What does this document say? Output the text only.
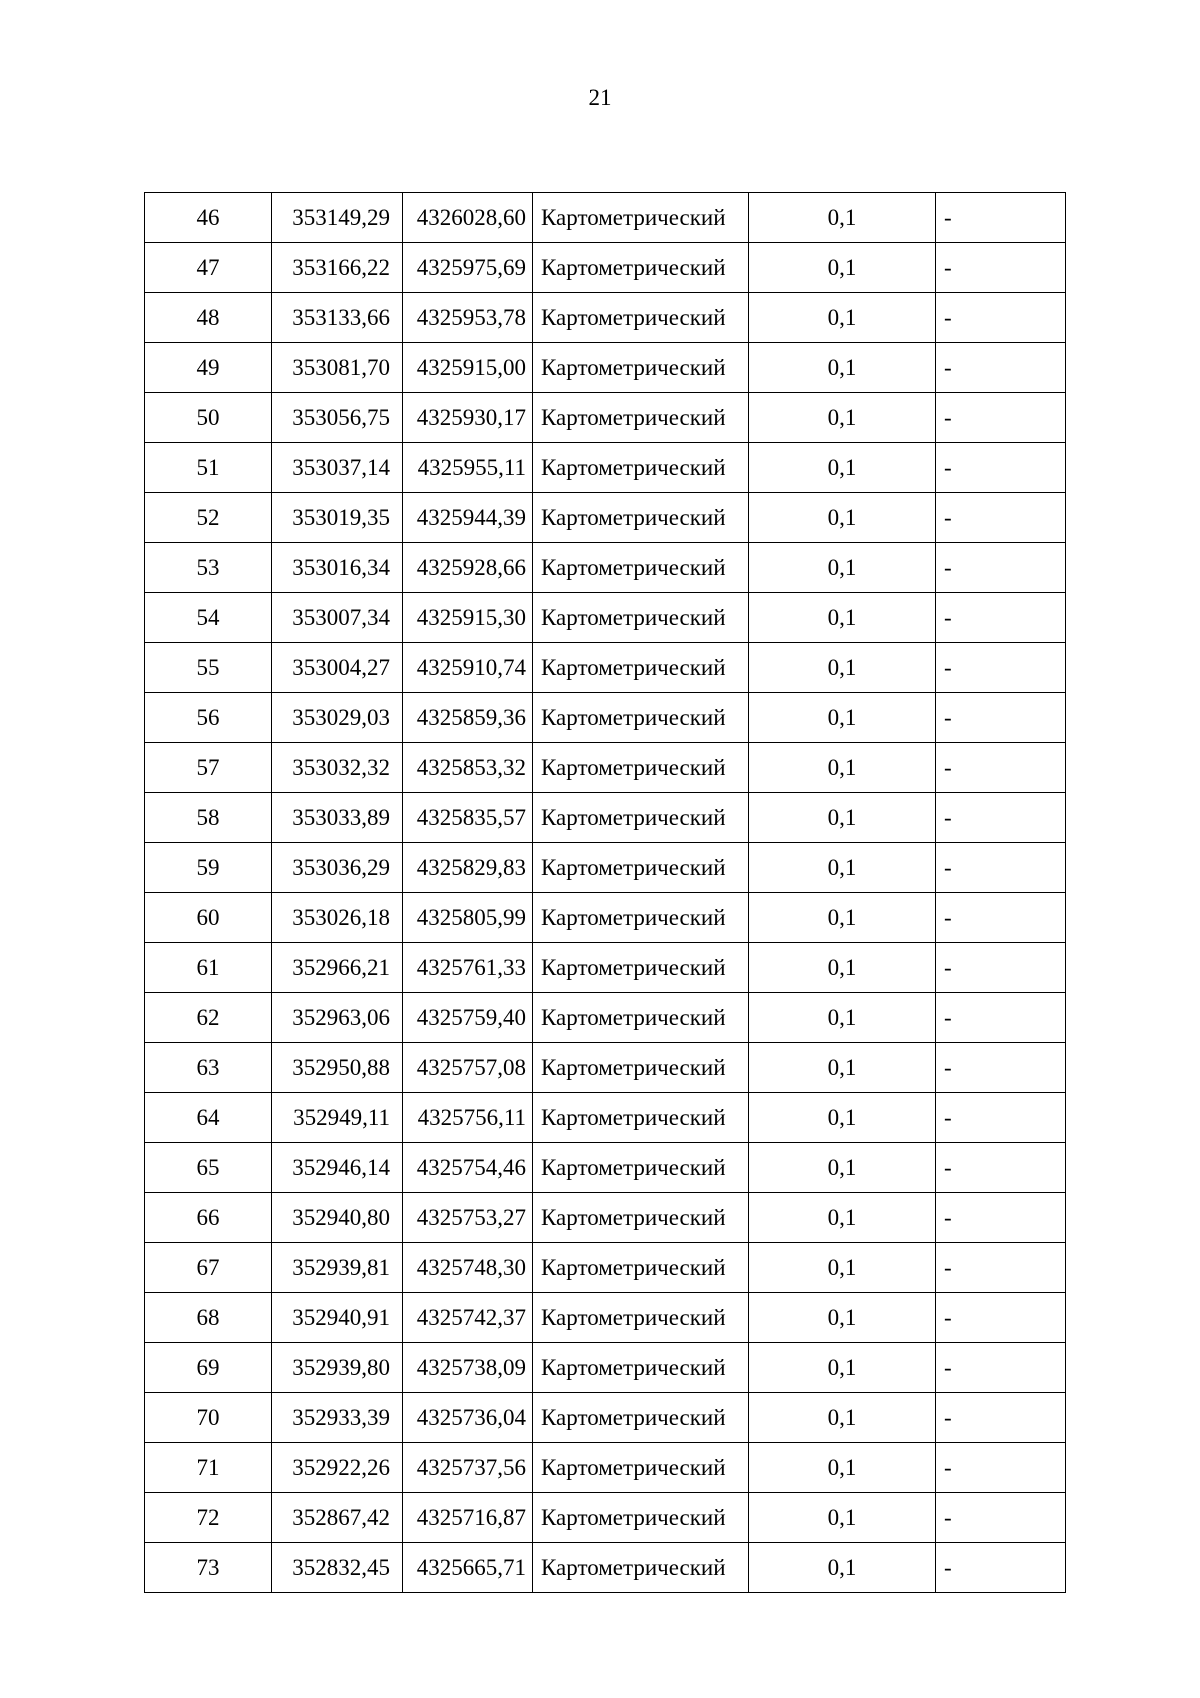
21
46	353149,29	4326028,60	Картометрический	0,1	-
47	353166,22	4325975,69	Картометрический	0,1	-
48	353133,66	4325953,78	Картометрический	0,1	-
49	353081,70	4325915,00	Картометрический	0,1	-
50	353056,75	4325930,17	Картометрический	0,1	-
51	353037,14	4325955,11	Картометрический	0,1	-
52	353019,35	4325944,39	Картометрический	0,1	-
53	353016,34	4325928,66	Картометрический	0,1	-
54	353007,34	4325915,30	Картометрический	0,1	-
55	353004,27	4325910,74	Картометрический	0,1	-
56	353029,03	4325859,36	Картометрический	0,1	-
57	353032,32	4325853,32	Картометрический	0,1	-
58	353033,89	4325835,57	Картометрический	0,1	-
59	353036,29	4325829,83	Картометрический	0,1	-
60	353026,18	4325805,99	Картометрический	0,1	-
61	352966,21	4325761,33	Картометрический	0,1	-
62	352963,06	4325759,40	Картометрический	0,1	-
63	352950,88	4325757,08	Картометрический	0,1	-
64	352949,11	4325756,11	Картометрический	0,1	-
65	352946,14	4325754,46	Картометрический	0,1	-
66	352940,80	4325753,27	Картометрический	0,1	-
67	352939,81	4325748,30	Картометрический	0,1	-
68	352940,91	4325742,37	Картометрический	0,1	-
69	352939,80	4325738,09	Картометрический	0,1	-
70	352933,39	4325736,04	Картометрический	0,1	-
71	352922,26	4325737,56	Картометрический	0,1	-
72	352867,42	4325716,87	Картометрический	0,1	-
73	352832,45	4325665,71	Картометрический	0,1	-
